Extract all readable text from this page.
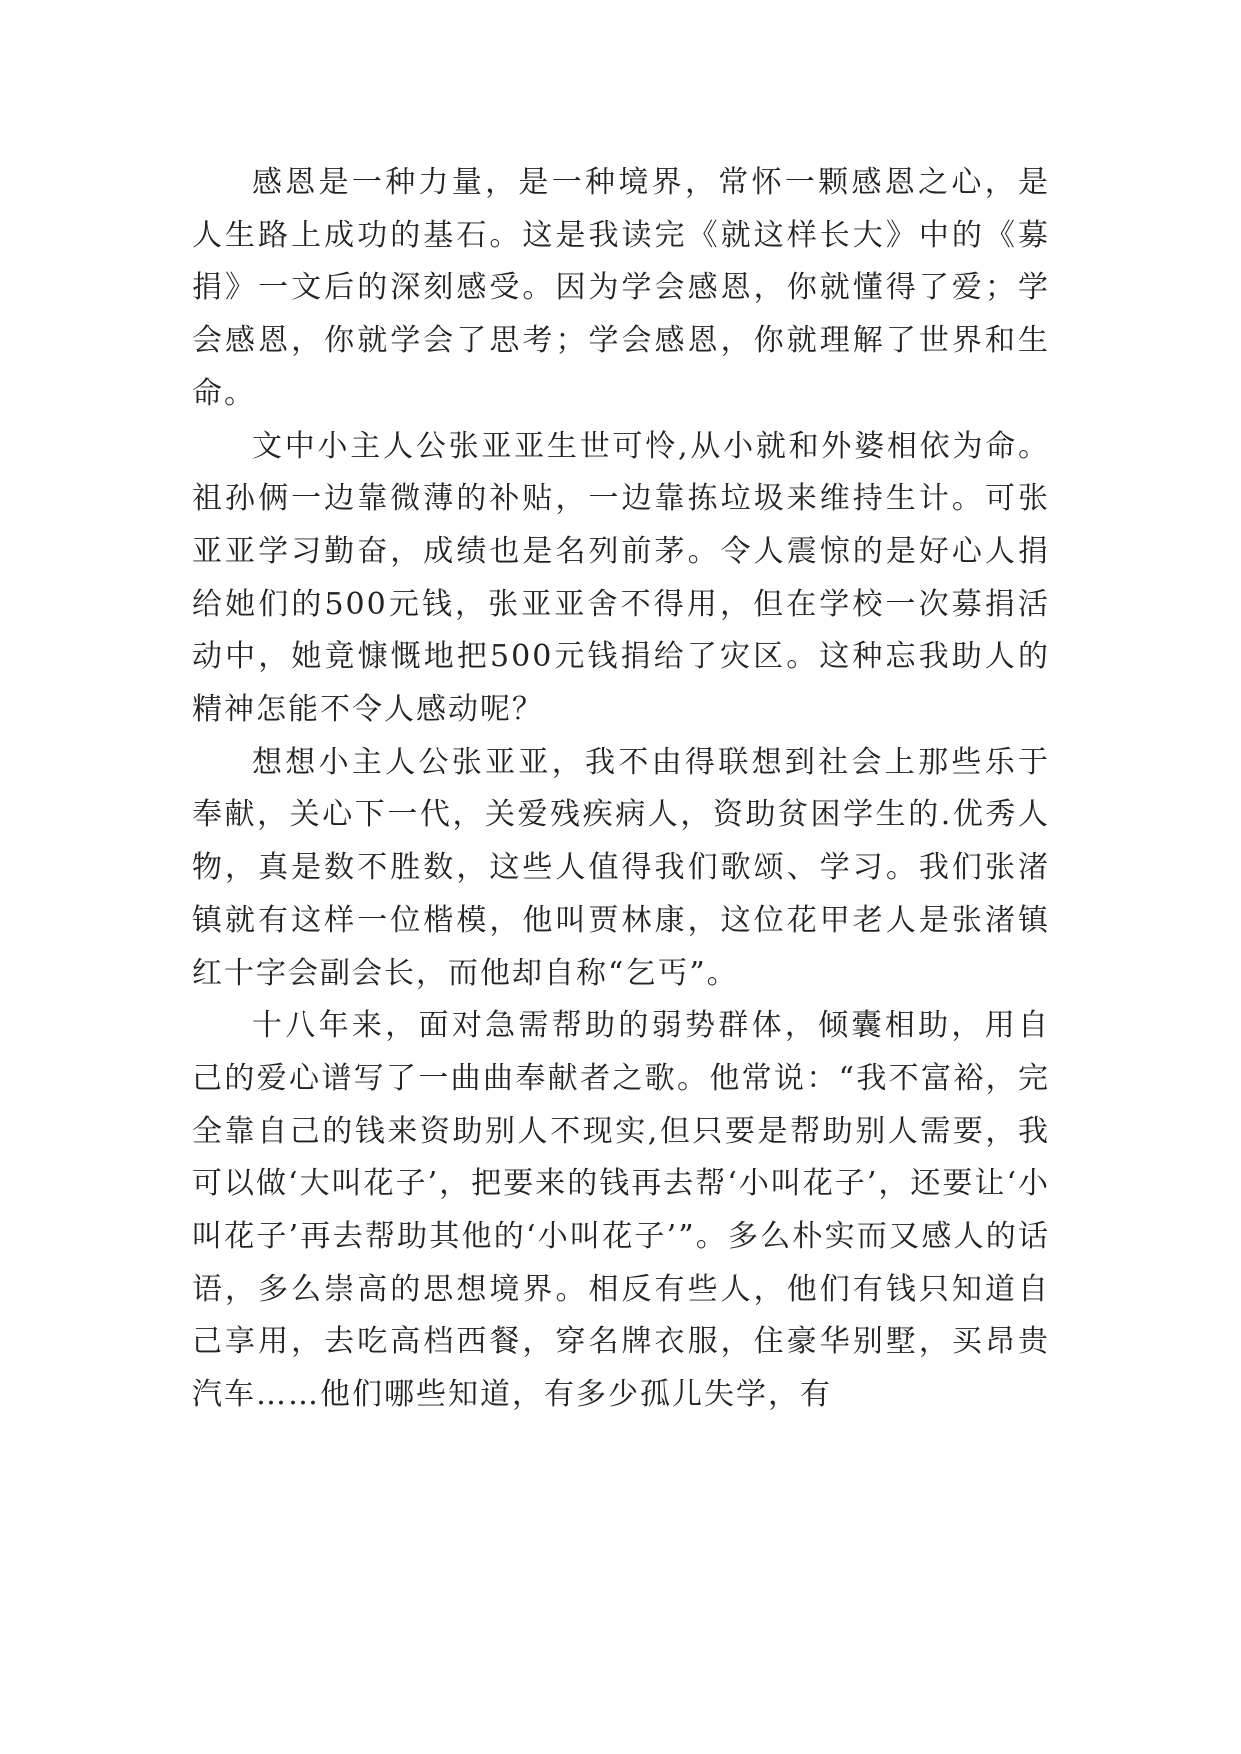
感恩是一种力量，是一种境界，常怀一颗感恩之心，是人生路上成功的基石。这是我读完《就这样长大》中的《募捐》一文后的深刻感受。因为学会感恩，你就懂得了爱；学会感恩，你就学会了思考；学会感恩，你就理解了世界和生命。

文中小主人公张亚亚生世可怜,从小就和外婆相依为命。祖孙俩一边靠微薄的补贴，一边靠拣垃圾来维持生计。可张亚亚学习勤奋，成绩也是名列前茅。令人震惊的是好心人捐给她们的500元钱，张亚亚舍不得用，但在学校一次募捐活动中，她竟慷慨地把500元钱捐给了灾区。这种忘我助人的精神怎能不令人感动呢？

想想小主人公张亚亚，我不由得联想到社会上那些乐于奉献，关心下一代，关爱残疾病人，资助贫困学生的.优秀人物，真是数不胜数，这些人值得我们歌颂、学习。我们张渚镇就有这样一位楷模，他叫贾林康，这位花甲老人是张渚镇红十字会副会长，而他却自称“乞丐”。

十八年来，面对急需帮助的弱势群体，倾囊相助，用自己的爱心谱写了一曲曲奉献者之歌。他常说：“我不富裕，完全靠自己的钱来资助别人不现实,但只要是帮助别人需要，我可以做‘大叫花子’，把要来的钱再去帮‘小叫花子’，还要让‘小叫花子’再去帮助其他的‘小叫花子’”。多么朴实而又感人的话语，多么崇高的思想境界。相反有些人，他们有钱只知道自己享用，去吃高档西餐，穿名牌衣服，住豪华别墅，买昂贵汽车……他们哪些知道，有多少孤儿失学，有
